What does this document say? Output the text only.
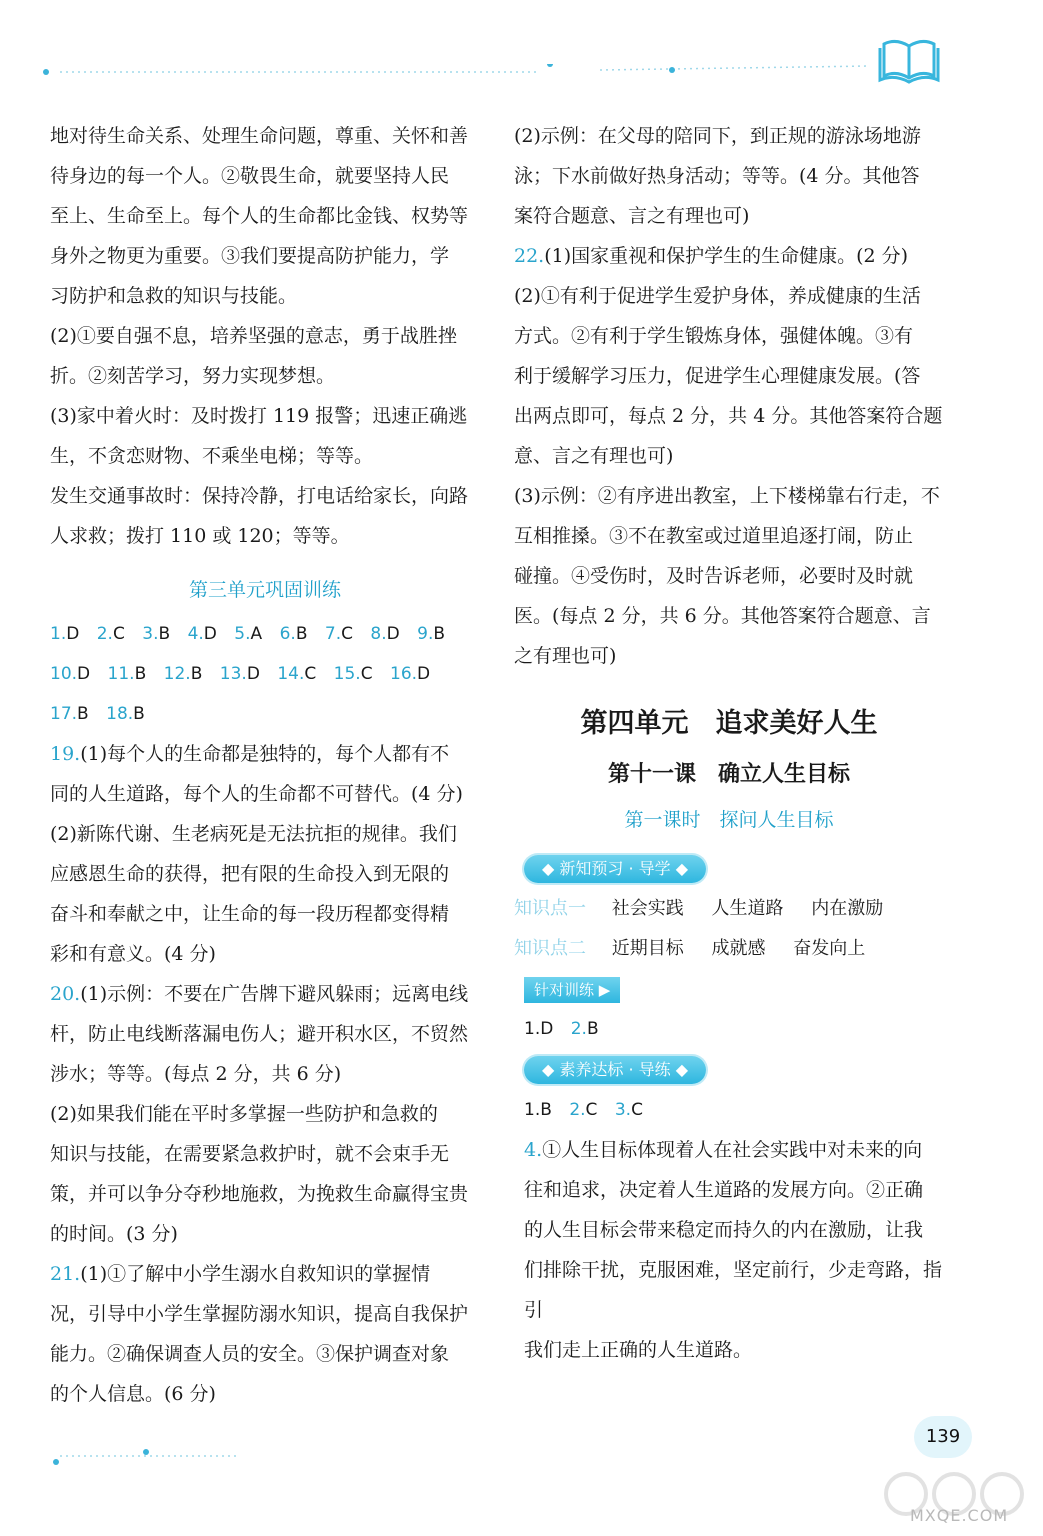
地对待生命关系、处理生命问题，尊重、关怀和善

待身边的每一个人。②敬畏生命，就要坚持人民

至上、生命至上。每个人的生命都比金钱、权势等

身外之物更为重要。③我们要提高防护能力，学

习防护和急救的知识与技能。

(2)①要自强不息，培养坚强的意志，勇于战胜挫

折。②刻苦学习，努力实现梦想。

(3)家中着火时：及时拨打 119 报警；迅速正确逃

生，不贪恋财物、不乘坐电梯；等等。

发生交通事故时：保持冷静，打电话给家长，向路

人求救；拨打 110 或 120；等等。

第三单元巩固训练

1.D 2.C 3.B 4.D 5.A 6.B 7.C 8.D 9.B

10.D 11.B 12.B 13.D 14.C 15.C 16.D

17.B 18.B

19.(1)每个人的生命都是独特的，每个人都有不

同的人生道路，每个人的生命都不可替代。(4 分)

(2)新陈代谢、生老病死是无法抗拒的规律。我们

应感恩生命的获得，把有限的生命投入到无限的

奋斗和奉献之中，让生命的每一段历程都变得精

彩和有意义。(4 分)

20.(1)示例：不要在广告牌下避风躲雨；远离电线

杆，防止电线断落漏电伤人；避开积水区，不贸然

涉水；等等。(每点 2 分，共 6 分)

(2)如果我们能在平时多掌握一些防护和急救的

知识与技能，在需要紧急救护时，就不会束手无

策，并可以争分夺秒地施救，为挽救生命赢得宝贵

的时间。(3 分)

21.(1)①了解中小学生溺水自救知识的掌握情

况，引导中小学生掌握防溺水知识，提高自我保护

能力。②确保调查人员的安全。③保护调查对象

的个人信息。(6 分)

(2)示例：在父母的陪同下，到正规的游泳场地游

泳；下水前做好热身活动；等等。(4 分。其他答

案符合题意、言之有理也可)

22.(1)国家重视和保护学生的生命健康。(2 分)

(2)①有利于促进学生爱护身体，养成健康的生活

方式。②有利于学生锻炼身体，强健体魄。③有

利于缓解学习压力，促进学生心理健康发展。(答

出两点即可，每点 2 分，共 4 分。其他答案符合题

意、言之有理也可)

(3)示例：②有序进出教室，上下楼梯靠右行走，不

互相推搡。③不在教室或过道里追逐打闹，防止

碰撞。④受伤时，及时告诉老师，必要时及时就

医。(每点 2 分，共 6 分。其他答案符合题意、言

之有理也可)

第四单元　追求美好人生

第十一课　确立人生目标

第一课时　探问人生目标

◆ 新知预习 · 导学 ◆

知识点一 社会实践 人生道路 内在激励

知识点二 近期目标 成就感 奋发向上

针对训练 ▶

1.D 2.B

◆ 素养达标 · 导练 ◆

1.B 2.C 3.C

4.①人生目标体现着人在社会实践中对未来的向

往和追求，决定着人生道路的发展方向。②正确

的人生目标会带来稳定而持久的内在激励，让我

们排除干扰，克服困难，坚定前行，少走弯路，指引

我们走上正确的人生道路。

139
MXQE.COM
